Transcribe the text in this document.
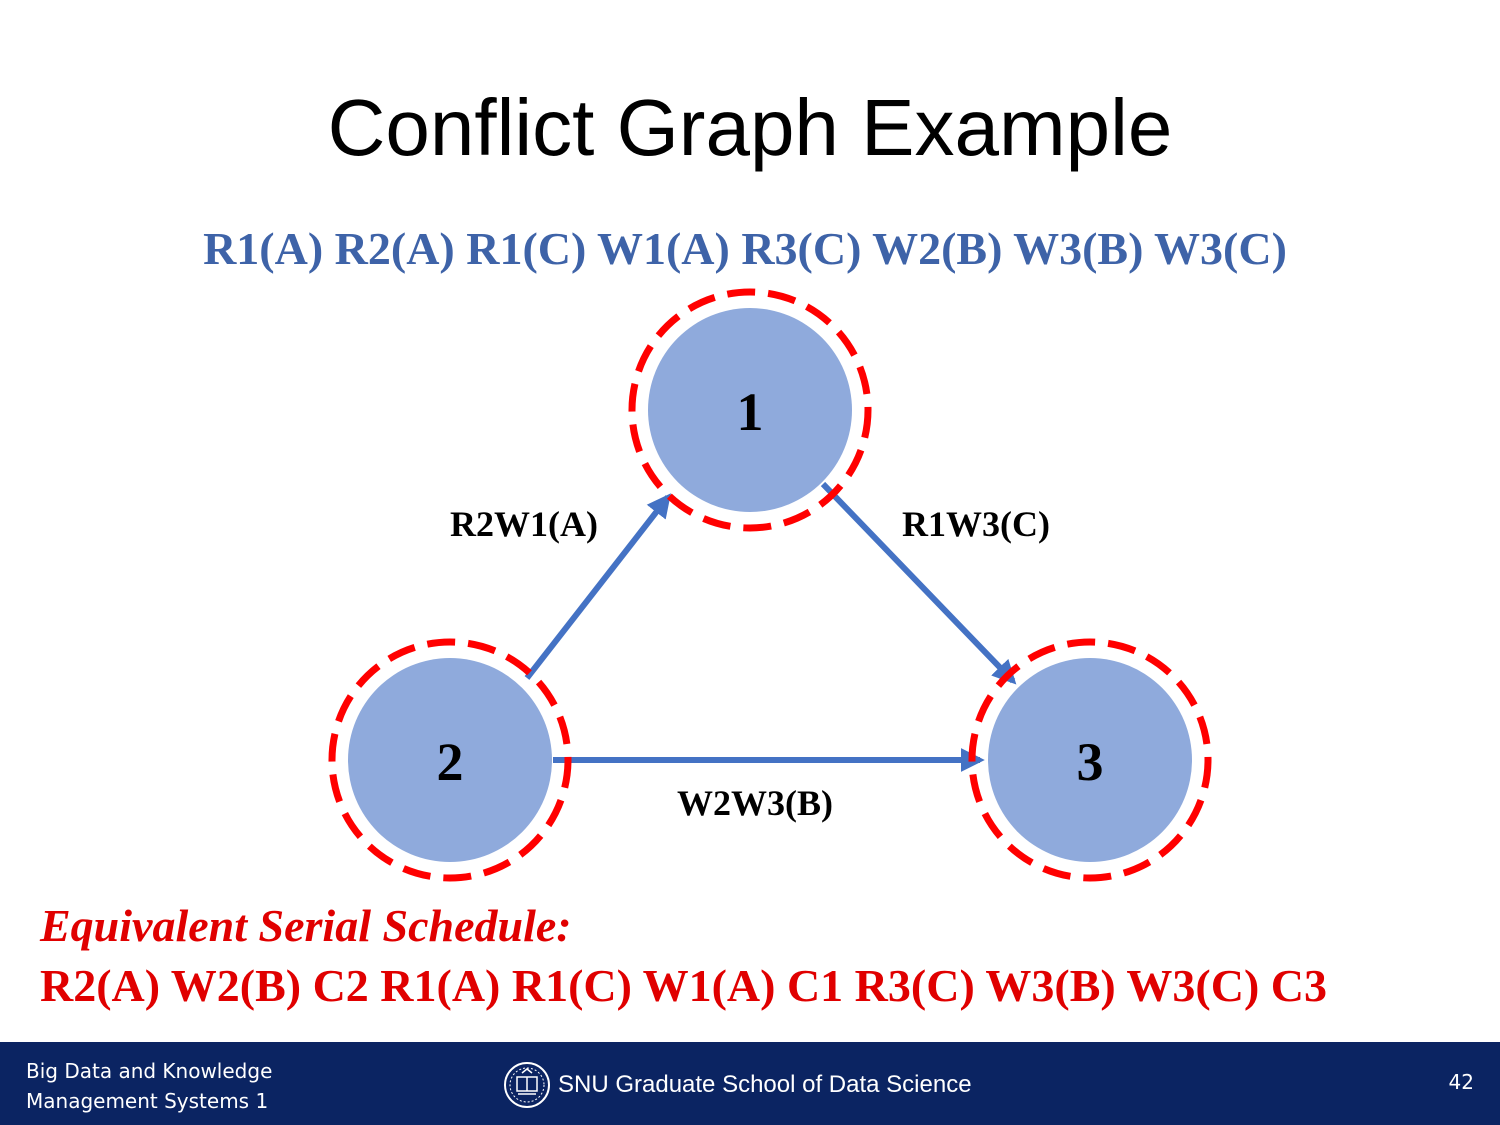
Conflict Graph Example
R1(A) R2(A) R1(C) W1(A) R3(C) W2(B) W3(B) W3(C)
1
2	3
R2W1(A)	R1W3(C)
W2W3(B)
Equivalent Serial Schedule:
R2(A) W2(B) C2 R1(A) R1(C) W1(A) C1 R3(C) W3(B) W3(C) C3
Big Data and Knowledge
Management Systems 1
SNU Graduate School of Data Science	42
